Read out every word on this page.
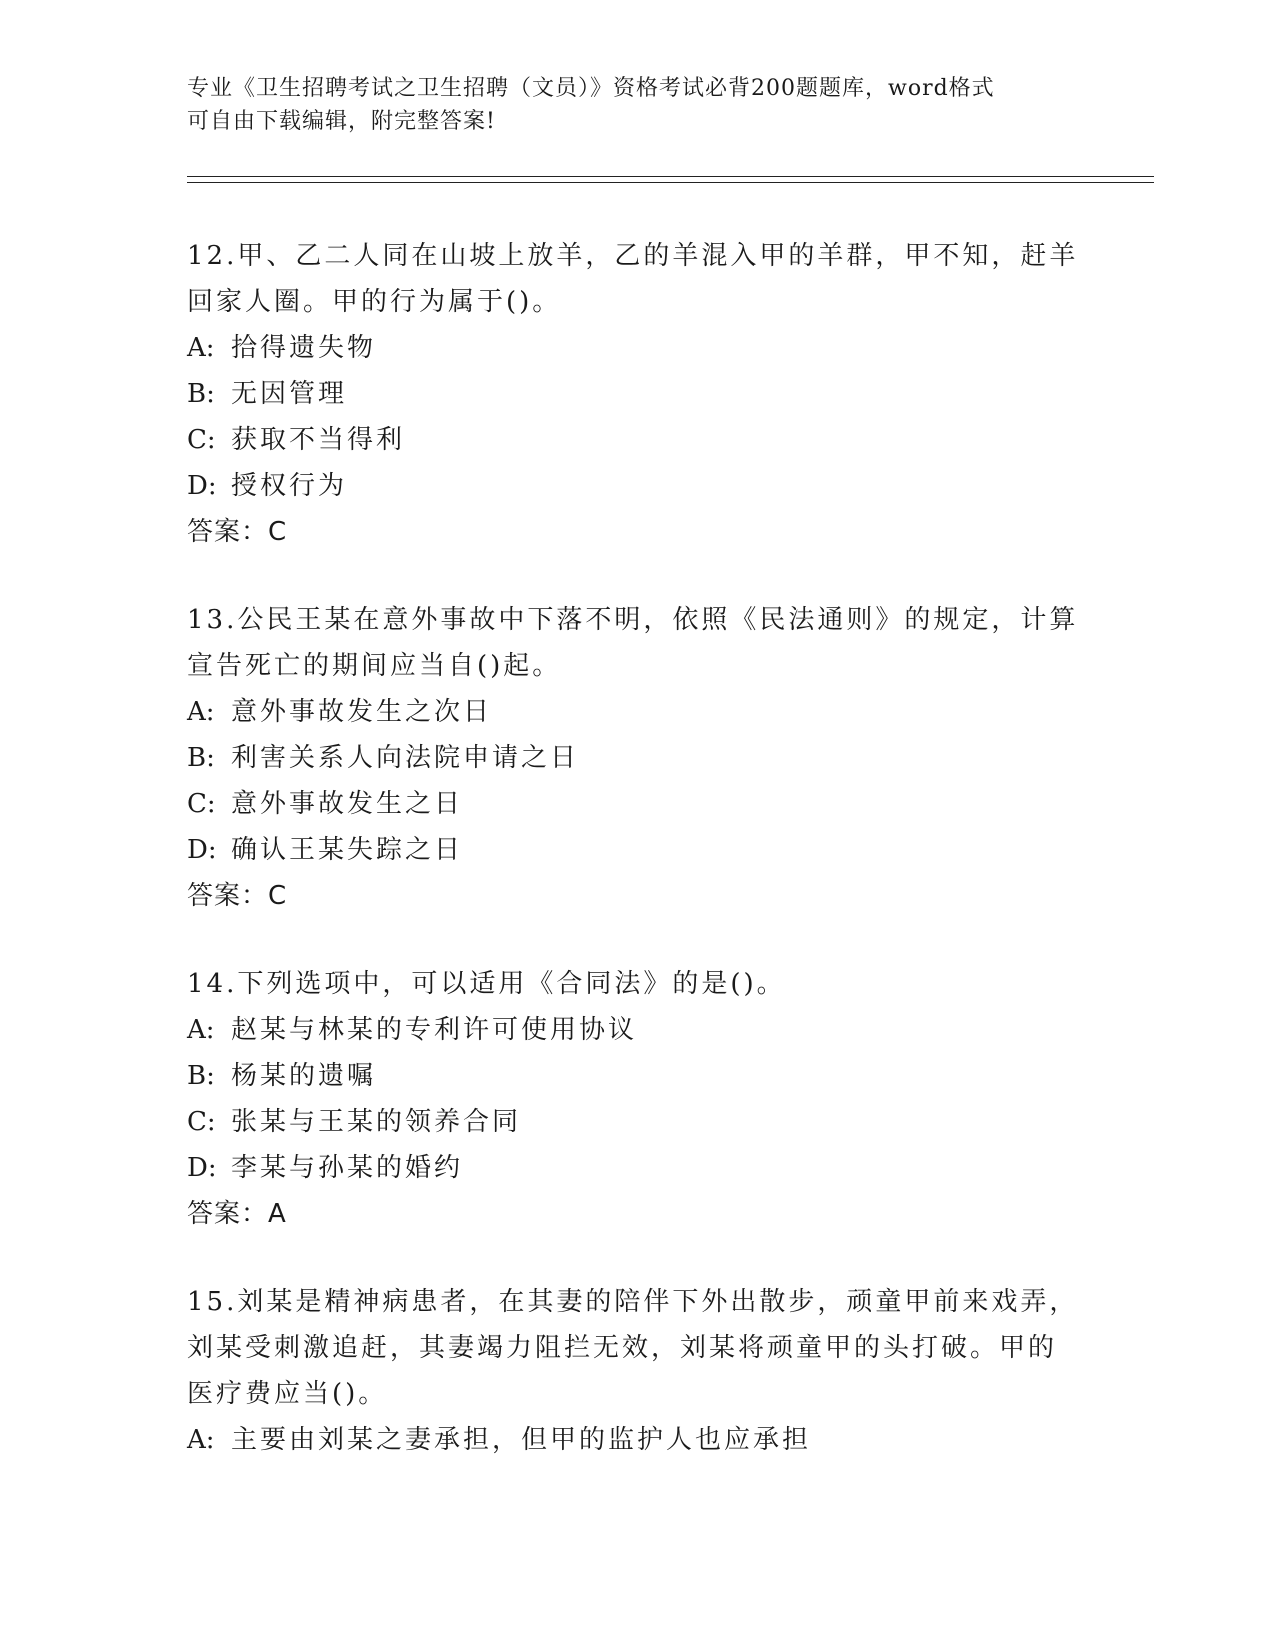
专业《卫生招聘考试之卫生招聘（文员）》资格考试必背200题题库，word格式
可自由下载编辑，附完整答案!
12.甲、乙二人同在山坡上放羊，乙的羊混入甲的羊群，甲不知，赶羊
回家人圈。甲的行为属于()。
A: 拾得遗失物
B: 无因管理
C: 获取不当得利
D: 授权行为
答案：C
13.公民王某在意外事故中下落不明，依照《民法通则》的规定，计算
宣告死亡的期间应当自()起。
A: 意外事故发生之次日
B: 利害关系人向法院申请之日
C: 意外事故发生之日
D: 确认王某失踪之日
答案：C
14.下列选项中，可以适用《合同法》的是()。
A: 赵某与林某的专利许可使用协议
B: 杨某的遗嘱
C: 张某与王某的领养合同
D: 李某与孙某的婚约
答案：A
15.刘某是精神病患者，在其妻的陪伴下外出散步，顽童甲前来戏弄，
刘某受刺激追赶，其妻竭力阻拦无效，刘某将顽童甲的头打破。甲的
医疗费应当()。
A: 主要由刘某之妻承担，但甲的监护人也应承担
